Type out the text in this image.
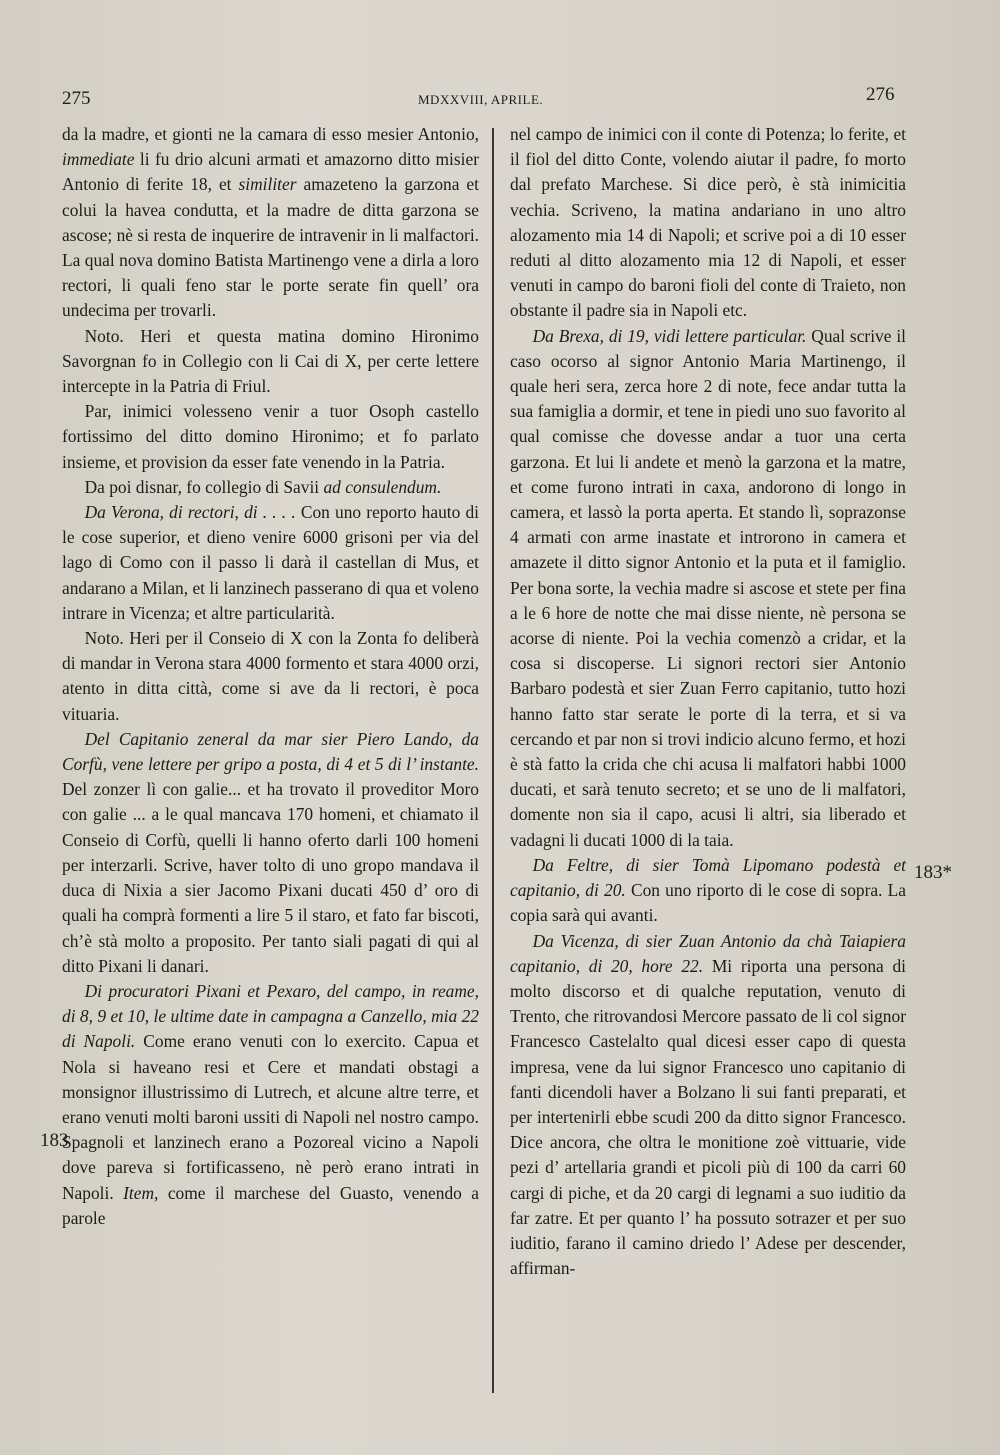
275	MDXXVIII, APRILE.	276

da la madre, et gionti ne la camara di esso mesier Antonio, immediate li fu drio alcuni armati et amazorno ditto misier Antonio di ferite 18, et similiter amazeteno la garzona et colui la havea condutta, et la madre de ditta garzona se ascose; nè si resta de inquerire de intravenir in li malfactori. La qual nova domino Batista Martinengo vene a dirla a loro rectori, li quali feno star le porte serate fin quell’ ora undecima per trovarli.

Noto. Heri et questa matina domino Hironimo Savorgnan fo in Collegio con li Cai di X, per certe lettere intercepte in la Patria di Friul.

Par, inimici volesseno venir a tuor Osoph castello fortissimo del ditto domino Hironimo; et fo parlato insieme, et provision da esser fate venendo in la Patria.

Da poi disnar, fo collegio di Savii ad consulendum.

Da Verona, di rectori, di . . . . Con uno reporto hauto di le cose superior, et dieno venire 6000 grisoni per via del lago di Como con il passo li darà il castellan di Mus, et andarano a Milan, et li lanzinech passerano di qua et voleno intrare in Vicenza; et altre particularità.

Noto. Heri per il Conseio di X con la Zonta fo deliberà di mandar in Verona stara 4000 formento et stara 4000 orzi, atento in ditta città, come si ave da li rectori, è poca vituaria.

Del Capitanio zeneral da mar sier Piero Lando, da Corfù, vene lettere per gripo a posta, di 4 et 5 di l’ instante. Del zonzer lì con galie... et ha trovato il proveditor Moro con galie ... a le qual mancava 170 homeni, et chiamato il Conseio di Corfù, quelli li hanno oferto darli 100 homeni per interzarli. Scrive, haver tolto di uno gropo mandava il duca di Nixia a sier Jacomo Pixani ducati 450 d’ oro di quali ha comprà formenti a lire 5 il staro, et fato far biscoti, ch’è stà molto a proposito. Per tanto siali pagati di qui al ditto Pixani li danari.

Di procuratori Pixani et Pexaro, del campo, in reame, di 8, 9 et 10, le ultime date in campagna a Canzello, mia 22 di Napoli. Come erano venuti con lo exercito. Capua et Nola si haveano resi et Cere et mandati obstagi a monsignor illustrissimo di Lutrech, et alcune altre terre, et erano venuti molti baroni ussiti di Napoli nel nostro campo. Spagnoli et lanzinech erano a Pozoreal vicino a Napoli dove pareva si fortificasseno, nè però erano intrati in Napoli. Item, come il marchese del Guasto, venendo a parole

nel campo de inimici con il conte di Potenza; lo ferite, et il fiol del ditto Conte, volendo aiutar il padre, fo morto dal prefato Marchese. Si dice però, è stà inimicitia vechia. Scriveno, la matina andariano in uno altro alozamento mia 14 di Napoli; et scrive poi a di 10 esser reduti al ditto alozamento mia 12 di Napoli, et esser venuti in campo do baroni fioli del conte di Traieto, non obstante il padre sia in Napoli etc.

Da Brexa, di 19, vidi lettere particular. Qual scrive il caso ocorso al signor Antonio Maria Martinengo, il quale heri sera, zerca hore 2 di note, fece andar tutta la sua famiglia a dormir, et tene in piedi uno suo favorito al qual comisse che dovesse andar a tuor una certa garzona. Et lui li andete et menò la garzona et la matre, et come furono intrati in caxa, andorono di longo in camera, et lassò la porta aperta. Et stando lì, soprazonse 4 armati con arme inastate et introrono in camera et amazete il ditto signor Antonio et la puta et il famiglio. Per bona sorte, la vechia madre si ascose et stete per fina a le 6 hore de notte che mai disse niente, nè persona se acorse di niente. Poi la vechia comenzò a cridar, et la cosa si discoperse. Li signori rectori sier Antonio Barbaro podestà et sier Zuan Ferro capitanio, tutto hozi hanno fatto star serate le porte di la terra, et si va cercando et par non si trovi indicio alcuno fermo, et hozi è stà fatto la crida che chi acusa li malfatori habbi 1000 ducati, et sarà tenuto secreto; et se uno de li malfatori, domente non sia il capo, acusi li altri, sia liberado et vadagni li ducati 1000 di la taia.

Da Feltre, di sier Tomà Lipomano podestà et capitanio, di 20. Con uno riporto di le cose di sopra. La copia sarà qui avanti.

Da Vicenza, di sier Zuan Antonio da chà Taiapiera capitanio, di 20, hore 22. Mi riporta una persona di molto discorso et di qualche reputation, venuto di Trento, che ritrovandosi Mercore passato de li col signor Francesco Castelalto qual dicesi esser capo di questa impresa, vene da lui signor Francesco uno capitanio di fanti dicendoli haver a Bolzano li sui fanti preparati, et per intertenirli ebbe scudi 200 da ditto signor Francesco. Dice ancora, che oltra le monitione zoè vittuarie, vide pezi d’ artellaria grandi et picoli più di 100 da carri 60 cargi di piche, et da 20 cargi di legnami a suo iuditio da far zatre. Et per quanto l’ ha possuto sotrazer et per suo iuditio, farano il camino driedo l’ Adese per descender, affirman-

183
183*
